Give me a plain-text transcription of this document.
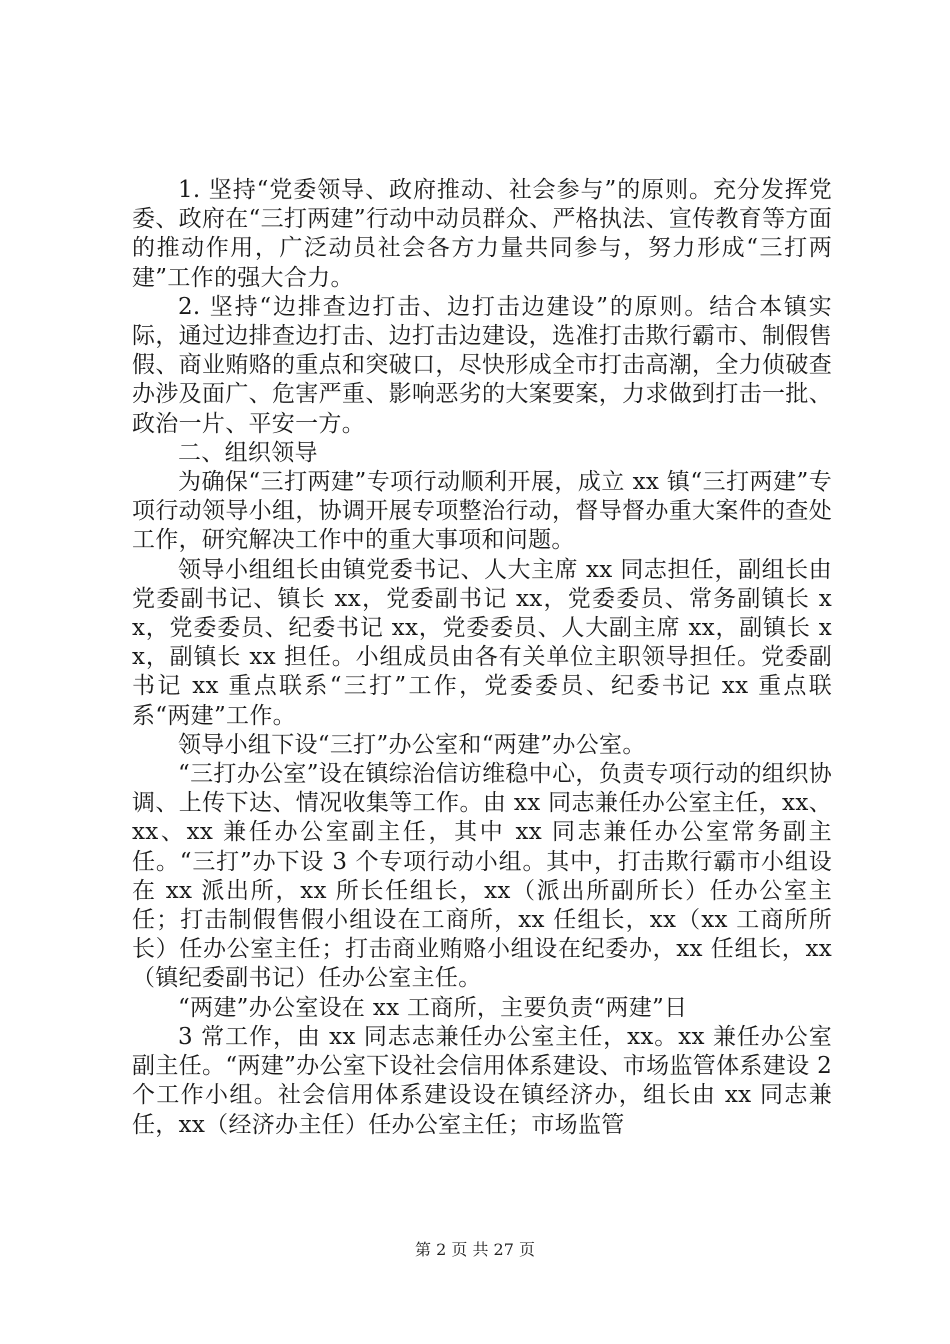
1. 坚持“党委领导、政府推动、社会参与”的原则。充分发挥党委、政府在“三打两建”行动中动员群众、严格执法、宣传教育等方面的推动作用，广泛动员社会各方力量共同参与，努力形成“三打两建”工作的强大合力。

2. 坚持“边排查边打击、边打击边建设”的原则。结合本镇实际，通过边排查边打击、边打击边建设，选准打击欺行霸市、制假售假、商业贿赂的重点和突破口，尽快形成全市打击高潮，全力侦破查办涉及面广、危害严重、影响恶劣的大案要案，力求做到打击一批、政治一片、平安一方。

二、组织领导

为确保“三打两建”专项行动顺利开展，成立 xx 镇“三打两建”专项行动领导小组，协调开展专项整治行动，督导督办重大案件的查处工作，研究解决工作中的重大事项和问题。

领导小组组长由镇党委书记、人大主席 xx 同志担任，副组长由党委副书记、镇长 xx，党委副书记 xx，党委委员、常务副镇长 xx，党委委员、纪委书记 xx，党委委员、人大副主席 xx，副镇长 xx，副镇长 xx 担任。小组成员由各有关单位主职领导担任。党委副书记 xx 重点联系“三打”工作，党委委员、纪委书记 xx 重点联系“两建”工作。

领导小组下设“三打”办公室和“两建”办公室。

“三打办公室”设在镇综治信访维稳中心，负责专项行动的组织协调、上传下达、情况收集等工作。由 xx 同志兼任办公室主任，xx、xx、xx 兼任办公室副主任，其中 xx 同志兼任办公室常务副主任。“三打”办下设 3 个专项行动小组。其中，打击欺行霸市小组设在 xx 派出所，xx 所长任组长，xx（派出所副所长）任办公室主任；打击制假售假小组设在工商所，xx 任组长，xx（xx 工商所所长）任办公室主任；打击商业贿赂小组设在纪委办，xx 任组长，xx（镇纪委副书记）任办公室主任。

“两建”办公室设在 xx 工商所，主要负责“两建”日

3 常工作，由 xx 同志志兼任办公室主任，xx。xx 兼任办公室副主任。“两建”办公室下设社会信用体系建设、市场监管体系建设 2 个工作小组。社会信用体系建设设在镇经济办，组长由 xx 同志兼任，xx（经济办主任）任办公室主任；市场监管

第 2 页 共 27 页
